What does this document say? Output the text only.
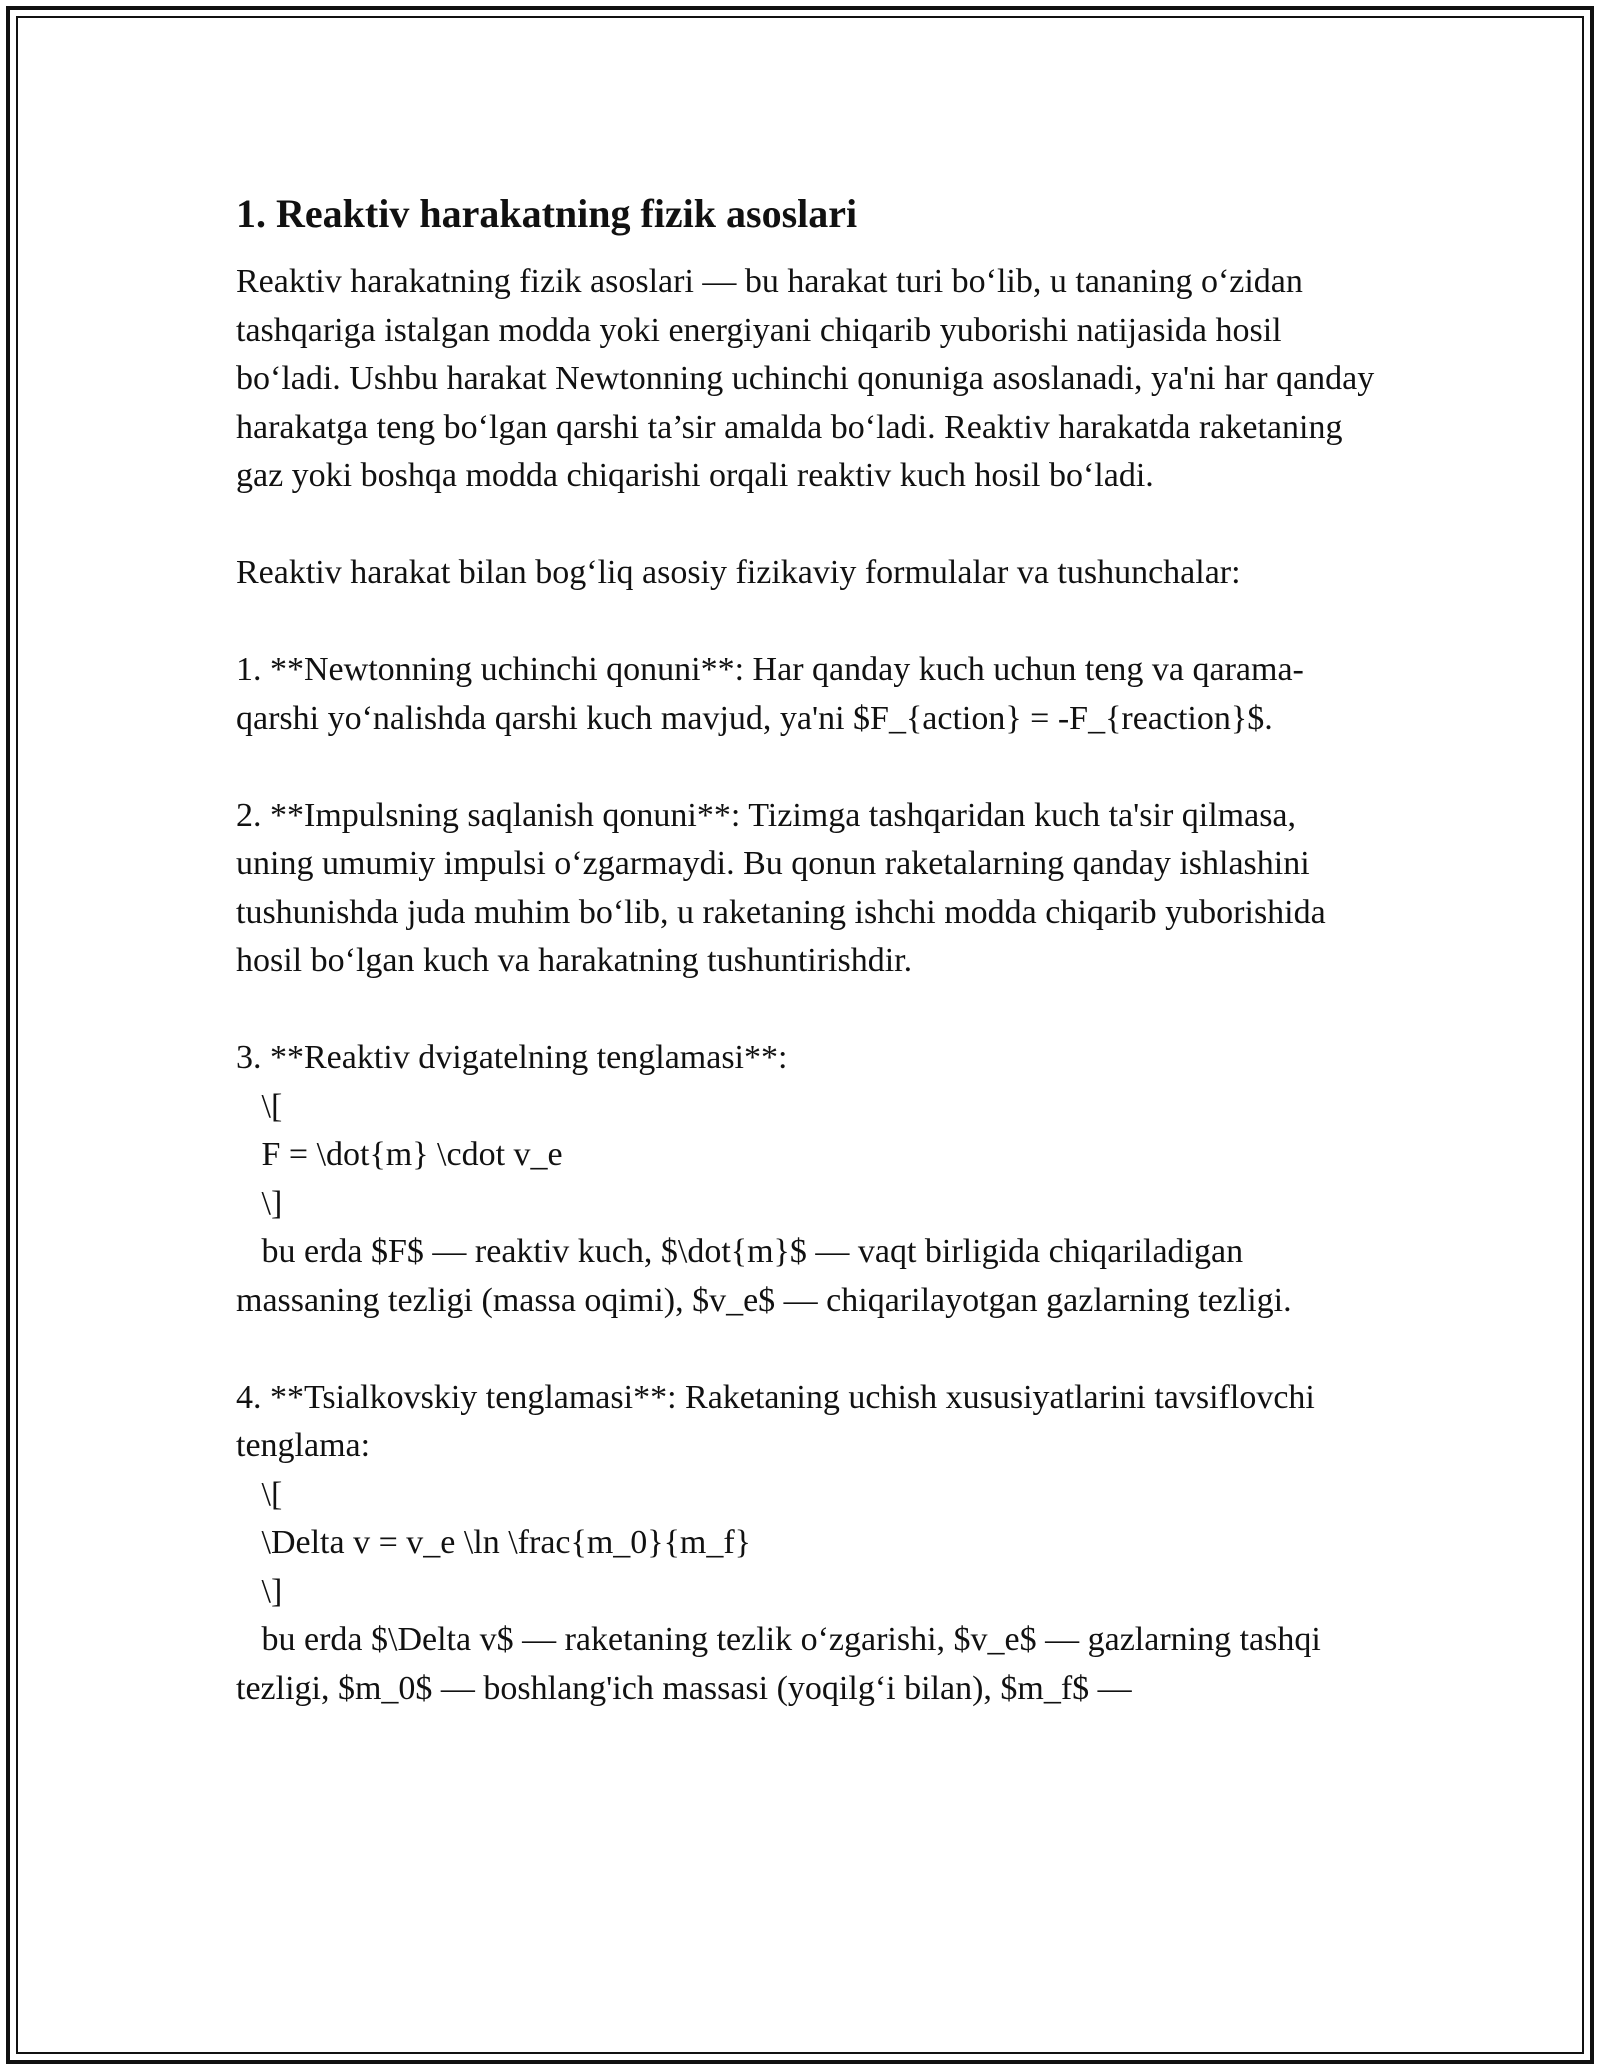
1. Reaktiv harakatning fizik asoslari

Reaktiv harakatning fizik asoslari — bu harakat turi bo‘lib, u tananing o‘zidan tashqariga istalgan modda yoki energiyani chiqarib yuborishi natijasida hosil bo‘ladi. Ushbu harakat Newtonning uchinchi qonuniga asoslanadi, ya'ni har qanday harakatga teng bo‘lgan qarshi ta’sir amalda bo‘ladi. Reaktiv harakatda raketaning gaz yoki boshqa modda chiqarishi orqali reaktiv kuch hosil bo‘ladi.

Reaktiv harakat bilan bog‘liq asosiy fizikaviy formulalar va tushunchalar:

1. **Newtonning uchinchi qonuni**: Har qanday kuch uchun teng va qarama-qarshi yo‘nalishda qarshi kuch mavjud, ya'ni $F_{action} = -F_{reaction}$.

2. **Impulsning saqlanish qonuni**: Tizimga tashqaridan kuch ta'sir qilmasa, uning umumiy impulsi o‘zgarmaydi. Bu qonun raketalarning qanday ishlashini tushunishda juda muhim bo‘lib, u raketaning ishchi modda chiqarib yuborishida hosil bo‘lgan kuch va harakatning tushuntirishdir.

3. **Reaktiv dvigatelning tenglamasi**:
\[
F = \dot{m} \cdot v_e
\]
bu erda $F$ — reaktiv kuch, $\dot{m}$ — vaqt birligida chiqariladigan massaning tezligi (massa oqimi), $v_e$ — chiqarilayotgan gazlarning tezligi.

4. **Tsialkovskiy tenglamasi**: Raketaning uchish xususiyatlarini tavsiflovchi tenglama:
\[
\Delta v = v_e \ln \frac{m_0}{m_f}
\]
bu erda $\Delta v$ — raketaning tezlik o‘zgarishi, $v_e$ — gazlarning tashqi tezligi, $m_0$ — boshlang'ich massasi (yoqilg‘i bilan), $m_f$ —
